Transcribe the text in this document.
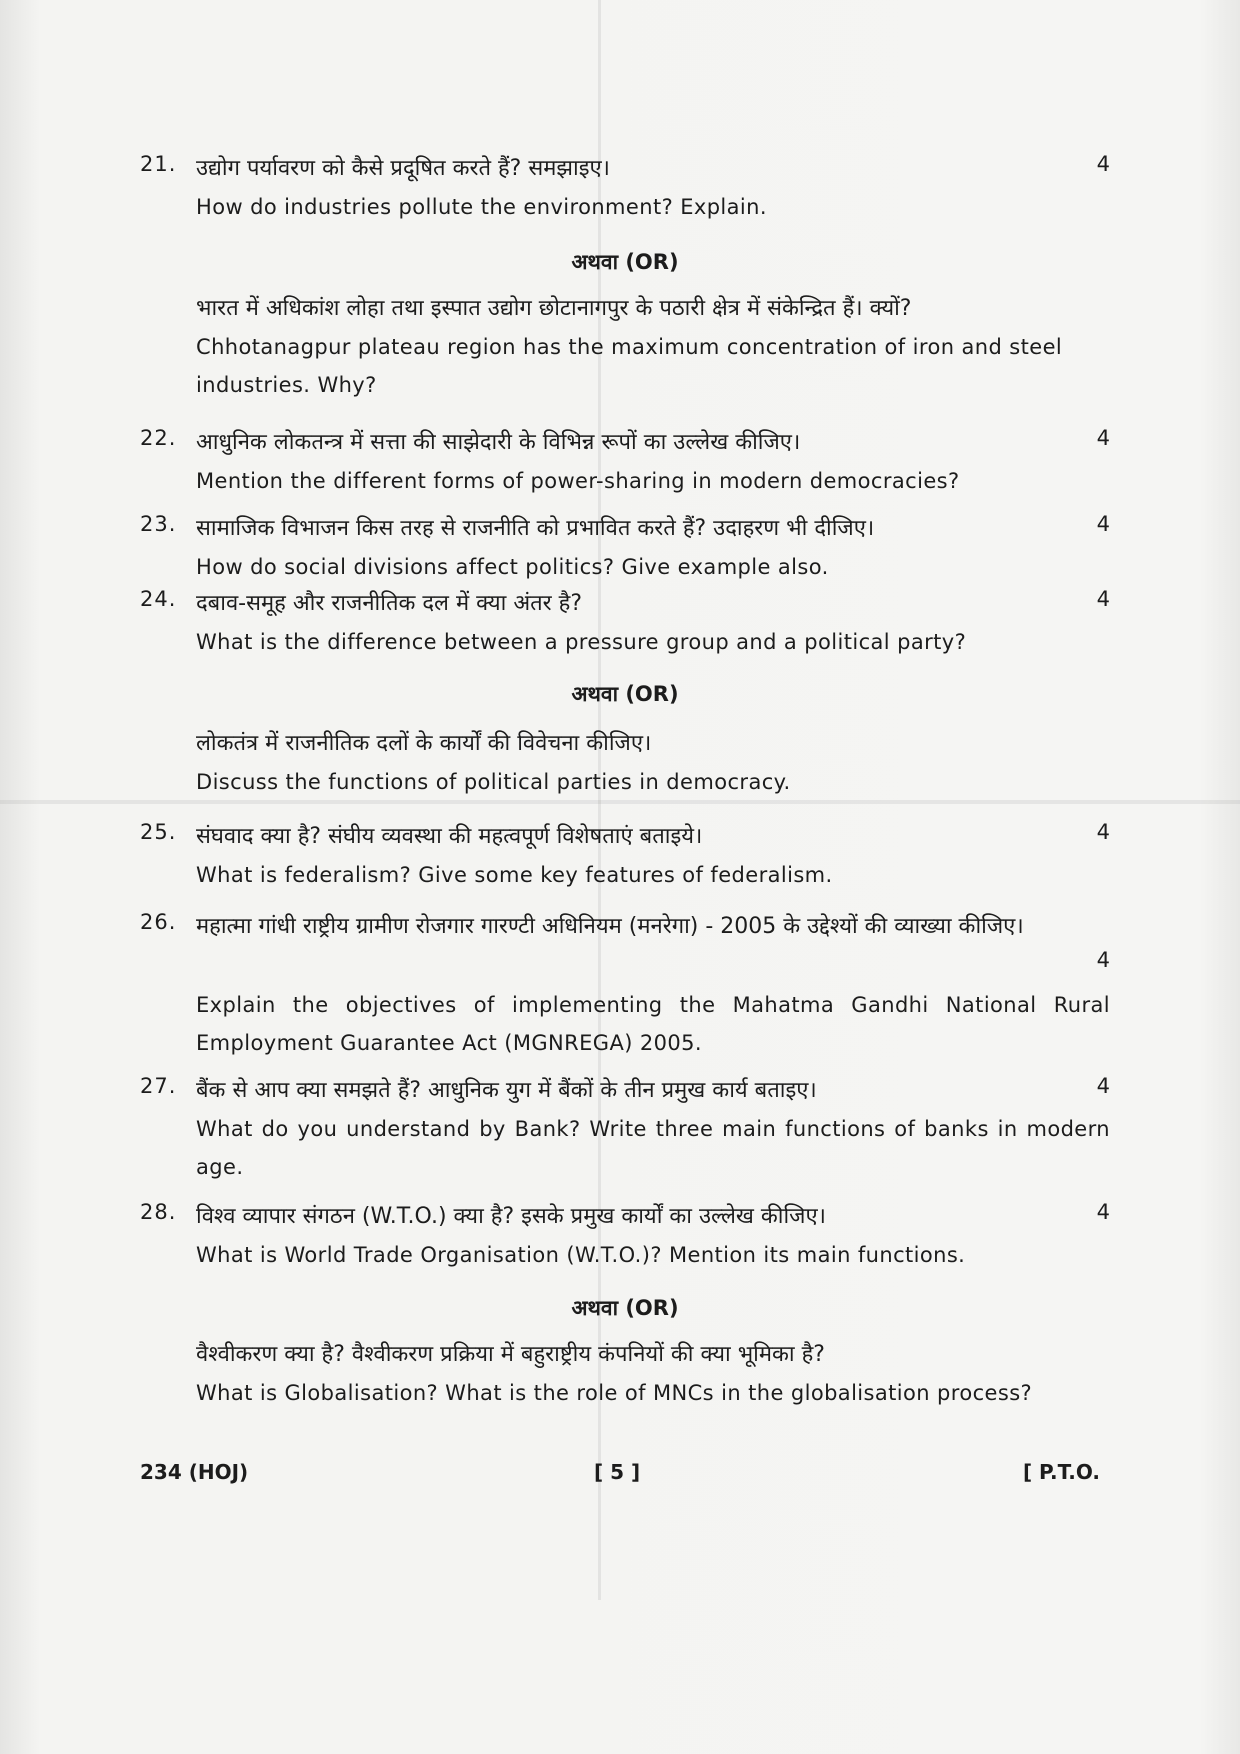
21.	4
उद्योग पर्यावरण को कैसे प्रदूषित करते हैं? समझाइए।
How do industries pollute the environment? Explain.
अथवा (OR)
भारत में अधिकांश लोहा तथा इस्पात उद्योग छोटानागपुर के पठारी क्षेत्र में संकेन्द्रित हैं। क्यों?
Chhotanagpur plateau region has the maximum concentration of iron and steel industries. Why?
22.	4
आधुनिक लोकतन्त्र में सत्ता की साझेदारी के विभिन्न रूपों का उल्लेख कीजिए।
Mention the different forms of power-sharing in modern democracies?
23.	4
सामाजिक विभाजन किस तरह से राजनीति को प्रभावित करते हैं? उदाहरण भी दीजिए।
How do social divisions affect politics? Give example also.
24.	4
दबाव-समूह और राजनीतिक दल में क्या अंतर है?
What is the difference between a pressure group and a political party?
अथवा (OR)
लोकतंत्र में राजनीतिक दलों के कार्यों की विवेचना कीजिए।
Discuss the functions of political parties in democracy.
25.	4
संघवाद क्या है? संघीय व्यवस्था की महत्वपूर्ण विशेषताएं बताइये।
What is federalism? Give some key features of federalism.
26.
4
महात्मा गांधी राष्ट्रीय ग्रामीण रोजगार गारण्टी अधिनियम (मनरेगा) - 2005 के उद्देश्यों की व्याख्या कीजिए।
Explain the objectives of implementing the Mahatma Gandhi National Rural Employment Guarantee Act (MGNREGA) 2005.
27.	4
बैंक से आप क्या समझते हैं? आधुनिक युग में बैंकों के तीन प्रमुख कार्य बताइए।
What do you understand by Bank? Write three main functions of banks in modern age.
28.	4
विश्व व्यापार संगठन (W.T.O.) क्या है? इसके प्रमुख कार्यों का उल्लेख कीजिए।
What is World Trade Organisation (W.T.O.)? Mention its main functions.
अथवा (OR)
वैश्वीकरण क्या है? वैश्वीकरण प्रक्रिया में बहुराष्ट्रीय कंपनियों की क्या भूमिका है?
What is Globalisation? What is the role of MNCs in the globalisation process?
234 (HOJ)	[ 5 ]	[ P.T.O.
